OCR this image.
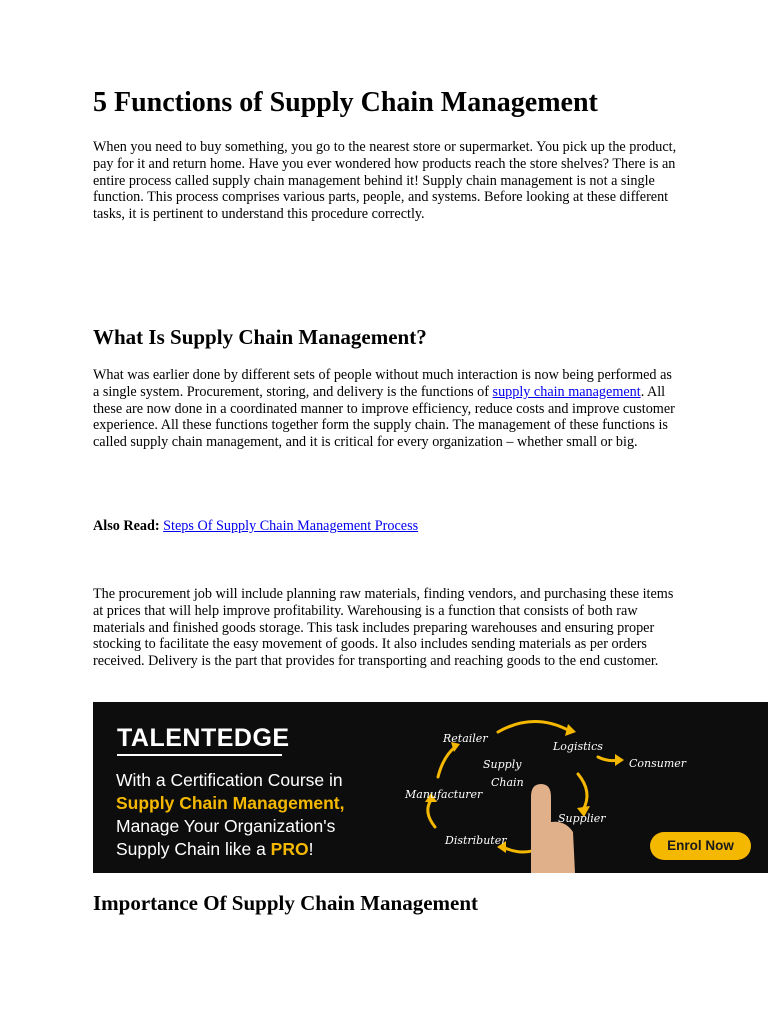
5 Functions of Supply Chain Management

When you need to buy something, you go to the nearest store or supermarket. You pick up the product, pay for it and return home. Have you ever wondered how products reach the store shelves? There is an entire process called supply chain management behind it! Supply chain management is not a single function. This process comprises various parts, people, and systems. Before looking at these different tasks, it is pertinent to understand this procedure correctly.

What Is Supply Chain Management?

What was earlier done by different sets of people without much interaction is now being performed as a single system. Procurement, storing, and delivery is the functions of supply chain management. All these are now done in a coordinated manner to improve efficiency, reduce costs and improve customer experience. All these functions together form the supply chain. The management of these functions is called supply chain management, and it is critical for every organization – whether small or big.

Also Read: Steps Of Supply Chain Management Process

The procurement job will include planning raw materials, finding vendors, and purchasing these items at prices that will help improve profitability. Warehousing is a function that consists of both raw materials and finished goods storage. This task includes preparing warehouses and ensuring proper stocking to facilitate the easy movement of goods. It also includes sending materials as per orders received. Delivery is the part that provides for transporting and reaching goods to the end customer.

Importance Of Supply Chain Management
TALENTEDGE
With a Certification Course in
Supply Chain Management,
Manage Your Organization's
Supply Chain like a PRO!
Supply
Chain
Retailer
Logistics
Consumer
Manufacturer
Supplier
Distributer	Enrol Now
